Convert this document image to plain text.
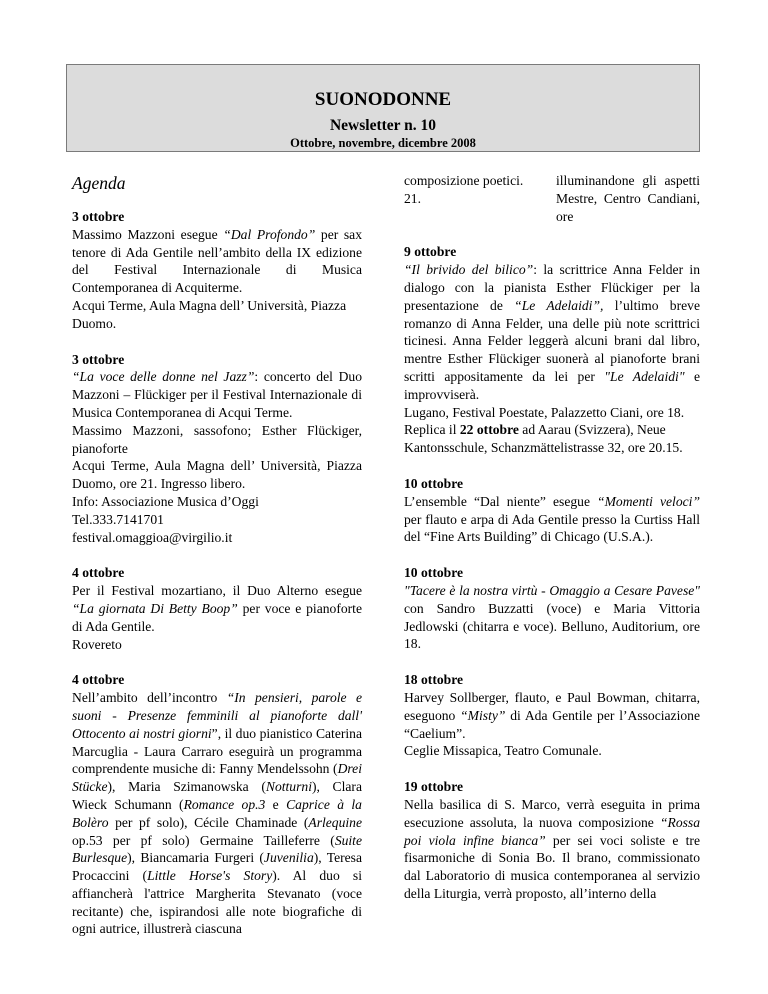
SUONODONNE
Newsletter n. 10
Ottobre, novembre, dicembre 2008
Agenda

3 ottobre

Massimo Mazzoni esegue “Dal Profondo” per sax tenore di Ada Gentile nell’ambito della IX edizione del Festival Internazionale di Musica Contemporanea di Acquiterme.

Acqui Terme, Aula Magna dell’ Università, Piazza Duomo.

3 ottobre

“La voce delle donne nel Jazz”: concerto del Duo Mazzoni – Flückiger per il Festival Internazionale di Musica Contemporanea di Acqui Terme.

Massimo Mazzoni, sassofono; Esther Flückiger, pianoforte

Acqui Terme, Aula Magna dell’ Università, Piazza Duomo, ore 21. Ingresso libero.

Info: Associazione Musica d’Oggi

Tel.333.7141701

festival.omaggioa@virgilio.it

4 ottobre

Per il Festival mozartiano, il Duo Alterno esegue “La giornata Di Betty Boop” per voce e pianoforte di Ada Gentile.

Rovereto

4 ottobre

Nell’ambito dell’incontro “In pensieri, parole e suoni - Presenze femminili al pianoforte dall' Ottocento ai nostri giorni”, il duo pianistico Caterina Marcuglia - Laura Carraro eseguirà un programma comprendente musiche di: Fanny Mendelssohn (Drei Stücke), Maria Szimanowska (Notturni), Clara Wieck Schumann (Romance op.3 e Caprice à la Bolèro per pf solo), Cécile Chaminade (Arlequine op.53 per pf solo) Germaine Tailleferre (Suite Burlesque), Biancamaria Furgeri (Juvenilia), Teresa Procaccini (Little Horse's Story). Al duo si affiancherà l'attrice Margherita Stevanato (voce recitante) che, ispirandosi alle note biografiche di ogni autrice, illustrerà ciascuna

composizione poetici. 21.

illuminandone gli aspetti Mestre, Centro Candiani, ore

9 ottobre

“Il brivido del bilico”: la scrittrice Anna Felder in dialogo con la pianista Esther Flückiger per la presentazione de “Le Adelaidi”, l’ultimo breve romanzo di Anna Felder, una delle più note scrittrici ticinesi. Anna Felder leggerà alcuni brani dal libro, mentre Esther Flückiger suonerà al pianoforte brani scritti appositamente da lei per "Le Adelaidi" e improvviserà.

Lugano, Festival Poestate, Palazzetto Ciani, ore 18.

Replica il 22 ottobre ad Aarau (Svizzera), Neue Kantonsschule, Schanzmättelistrasse 32, ore 20.15.

10 ottobre

L’ensemble “Dal niente” esegue “Momenti veloci” per flauto e arpa di Ada Gentile presso la Curtiss Hall del “Fine Arts Building” di Chicago (U.S.A.).

10 ottobre

"Tacere è la nostra virtù - Omaggio a Cesare Pavese" con Sandro Buzzatti (voce) e Maria Vittoria Jedlowski (chitarra e voce). Belluno, Auditorium, ore 18.

18 ottobre

Harvey Sollberger, flauto, e Paul Bowman, chitarra, eseguono “Misty” di Ada Gentile per l’Associazione “Caelium”.

Ceglie Missapica, Teatro Comunale.

19 ottobre

Nella basilica di S. Marco, verrà eseguita in prima esecuzione assoluta, la nuova composizione “Rossa poi viola infine bianca” per sei voci soliste e tre fisarmoniche di Sonia Bo. Il brano, commissionato dal Laboratorio di musica contemporanea al servizio della Liturgia, verrà proposto, all’interno della
